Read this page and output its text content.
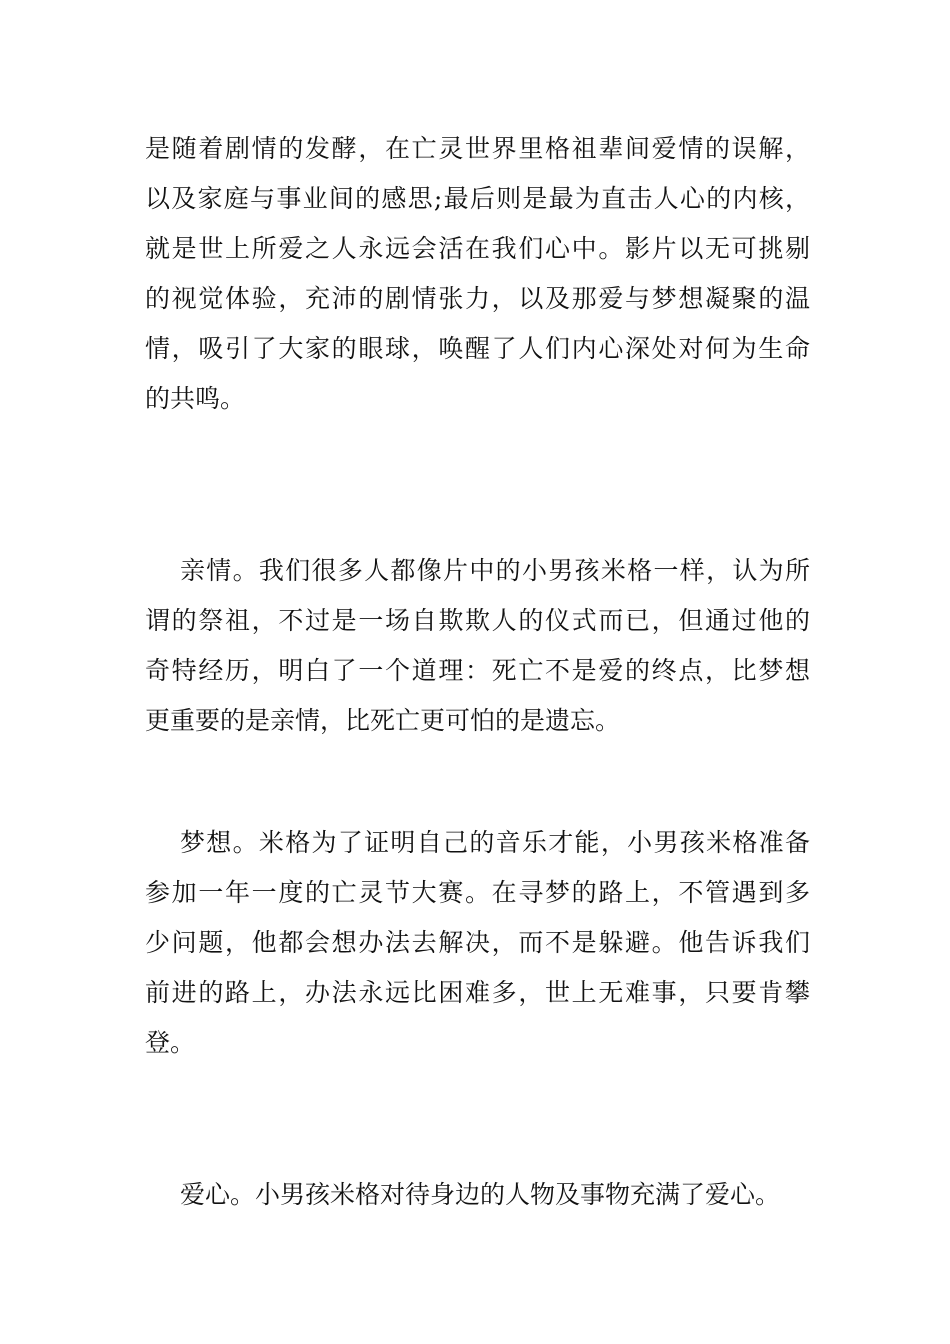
是随着剧情的发酵，在亡灵世界里格祖辈间爱情的误解，
以及家庭与事业间的感思;最后则是最为直击人心的内核，
就是世上所爱之人永远会活在我们心中。影片以无可挑剔
的视觉体验，充沛的剧情张力，以及那爱与梦想凝聚的温
情，吸引了大家的眼球，唤醒了人们内心深处对何为生命
的共鸣。
亲情。我们很多人都像片中的小男孩米格一样，认为所
谓的祭祖，不过是一场自欺欺人的仪式而已，但通过他的
奇特经历，明白了一个道理：死亡不是爱的终点，比梦想
更重要的是亲情，比死亡更可怕的是遗忘。
梦想。米格为了证明自己的音乐才能，小男孩米格准备
参加一年一度的亡灵节大赛。在寻梦的路上，不管遇到多
少问题，他都会想办法去解决，而不是躲避。他告诉我们
前进的路上，办法永远比困难多，世上无难事，只要肯攀
登。
爱心。小男孩米格对待身边的人物及事物充满了爱心。
